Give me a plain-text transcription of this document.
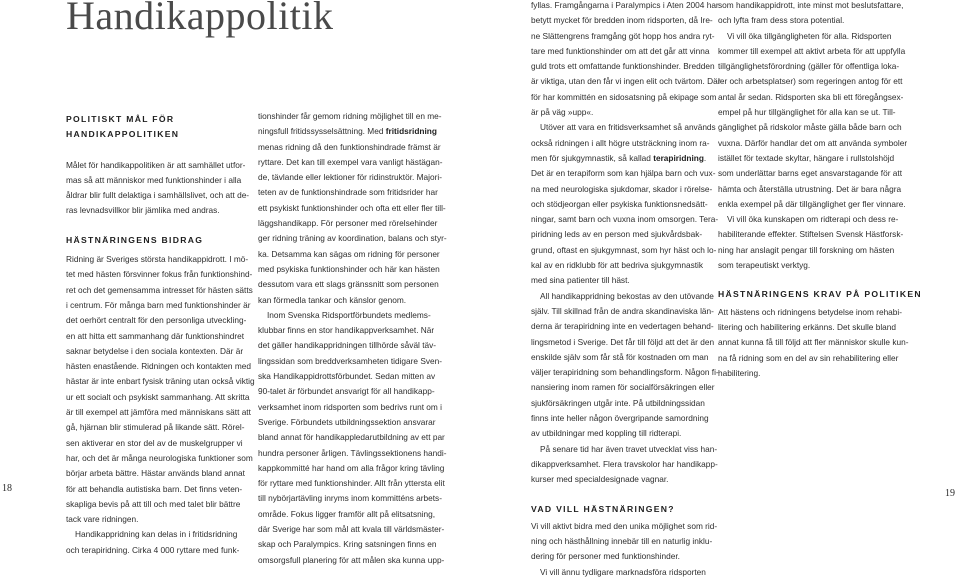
Handikappolitik
POLITISKT MÅL FÖR
HANDIKAPPOLITIKEN
Målet för handikappolitiken är att samhället utfor-
mas så att människor med funktionshinder i alla
åldrar blir fullt delaktiga i samhällslivet, och att de-
ras levnadsvillkor blir jämlika med andras.
HÄSTNÄRINGENS BIDRAG
Ridning är Sveriges största handikappidrott. I mö-
tet med hästen försvinner fokus från funktionshind-
ret och det gemensamma intresset för hästen sätts
i centrum. För många barn med funktionshinder är
det oerhört centralt för den personliga utveckling-
en att hitta ett sammanhang där funktionshindret
saknar betydelse i den sociala kontexten. Där är
hästen enastående. Ridningen och kontakten med
hästar är inte enbart fysisk träning utan också viktig
ur ett socialt och psykiskt sammanhang. Att skritta
är till exempel att jämföra med människans sätt att
gå, hjärnan blir stimulerad på likande sätt. Rörel-
sen aktiverar en stor del av de muskelgrupper vi
har, och det är många neurologiska funktioner som
börjar arbeta bättre. Hästar används bland annat
för att behandla autistiska barn. Det finns veten-
skapliga bevis på att till och med talet blir bättre
tack vare ridningen.
Handikappridning kan delas in i fritidsridning
och terapiridning. Cirka 4 000 ryttare med funk-
tionshinder får gemom ridning möjlighet till en me-
ningsfull fritidssysselsättning. Med fritidsridning
menas ridning då den funktionshindrade främst är
ryttare. Det kan till exempel vara vanligt hästägan-
de, tävlande eller lektioner för ridinstruktör. Majori-
teten av de funktionshindrade som fritidsrider har
ett psykiskt funktionshinder och ofta ett eller fler till-
läggshandikapp. För personer med rörelsehinder
ger ridning träning av koordination, balans och styr-
ka. Detsamma kan sägas om ridning för personer
med psykiska funktionshinder och här kan hästen
dessutom vara ett slags gränssnitt som personen
kan förmedla tankar och känslor genom.
Inom Svenska Ridsportförbundets medlems-
klubbar finns en stor handikappverksamhet. När
det gäller handikappridningen tillhörde såväl täv-
lingssidan som breddverksamheten tidigare Sven-
ska Handikappidrottsförbundet. Sedan mitten av
90-talet är förbundet ansvarigt för all handikapp-
verksamhet inom ridsporten som bedrivs runt om i
Sverige. Förbundets utbildningssektion ansvarar
bland annat för handikappledarutbildning av ett par
hundra personer årligen. Tävlingssektionens handi-
kappkommitté har hand om alla frågor kring tävling
för ryttare med funktionshinder. Allt från yttersta elit
till nybörjartävling inryms inom kommitténs arbets-
område. Fokus ligger framför allt på elitsatsning,
där Sverige har som mål att kvala till världsmäster-
skap och Paralympics. Kring satsningen finns en
omsorgsfull planering för att målen ska kunna upp-
fyllas. Framgångarna i Paralympics i Aten 2004 har
betytt mycket för bredden inom ridsporten, då Ire-
ne Slättengrens framgång göt hopp hos andra ryt-
tare med funktionshinder om att det går att vinna
guld trots ett omfattande funktionshinder. Bredden
är viktiga, utan den får vi ingen elit och tvärtom. Där-
för har kommittén en sidosatsning på ekipage som
är på väg »upp«.
Utöver att vara en fritidsverksamhet så används
också ridningen i allt högre utsträckning inom ra-
men för sjukgymnastik, så kallad terapiridning.
Det är en terapiform som kan hjälpa barn och vux-
na med neurologiska sjukdomar, skador i rörelse-
och stödjeorgan eller psykiska funktionsnedsätt-
ningar, samt barn och vuxna inom omsorgen. Tera-
piridning leds av en person med sjukvårdsbak-
grund, oftast en sjukgymnast, som hyr häst och lo-
kal av en ridklubb för att bedriva sjukgymnastik
med sina patienter till häst.
All handikappridning bekostas av den utövande
själv. Till skillnad från de andra skandinaviska län-
derna är terapiridning inte en vedertagen behand-
lingsmetod i Sverige. Det får till följd att det är den
enskilde själv som får stå för kostnaden om man
väljer terapiridning som behandlingsform. Någon fi-
nansiering inom ramen för socialförsäkringen eller
sjukförsäkringen utgår inte. På utbildningssidan
finns inte heller någon övergripande samordning
av utbildningar med koppling till ridterapi.
På senare tid har även travet utvecklat viss han-
dikappverksamhet. Flera travskolor har handikapp-
kurser med specialdesignade vagnar.
VAD VILL HÄSTNÄRINGEN?
Vi vill aktivt bidra med den unika möjlighet som rid-
ning och hästhållning innebär till en naturlig inklu-
dering för personer med funktionshinder.
Vi vill ännu tydligare marknadsföra ridsporten
som handikappidrott, inte minst mot beslutsfattare,
och lyfta fram dess stora potential.
Vi vill öka tillgängligheten för alla. Ridsporten
kommer till exempel att aktivt arbeta för att uppfylla
tillgänglighetsförordning (gäller för offentliga loka-
ler och arbetsplatser) som regeringen antog för ett
antal år sedan. Ridsporten ska bli ett föregångsex-
empel på hur tillgänglighet för alla kan se ut. Till-
gänglighet på ridskolor måste gälla både barn och
vuxna. Därför handlar det om att använda symboler
istället för textade skyltar, hängare i rullstolshöjd
som underlättar barns eget ansvarstagande för att
hämta och återställa utrustning. Det är bara några
enkla exempel på där tillgänglighet ger fler vinnare.
Vi vill öka kunskapen om ridterapi och dess re-
habiliterande effekter. Stiftelsen Svensk Hästforsk-
ning har anslagit pengar till forskning om hästen
som terapeutiskt verktyg.
HÄSTNÄRINGENS KRAV PÅ POLITIKEN
Att hästens och ridningens betydelse inom rehabi-
litering och habilitering erkänns. Det skulle bland
annat kunna få till följd att fler människor skulle kun-
na få ridning som en del av sin rehabilitering eller
habilitering.
18	19
